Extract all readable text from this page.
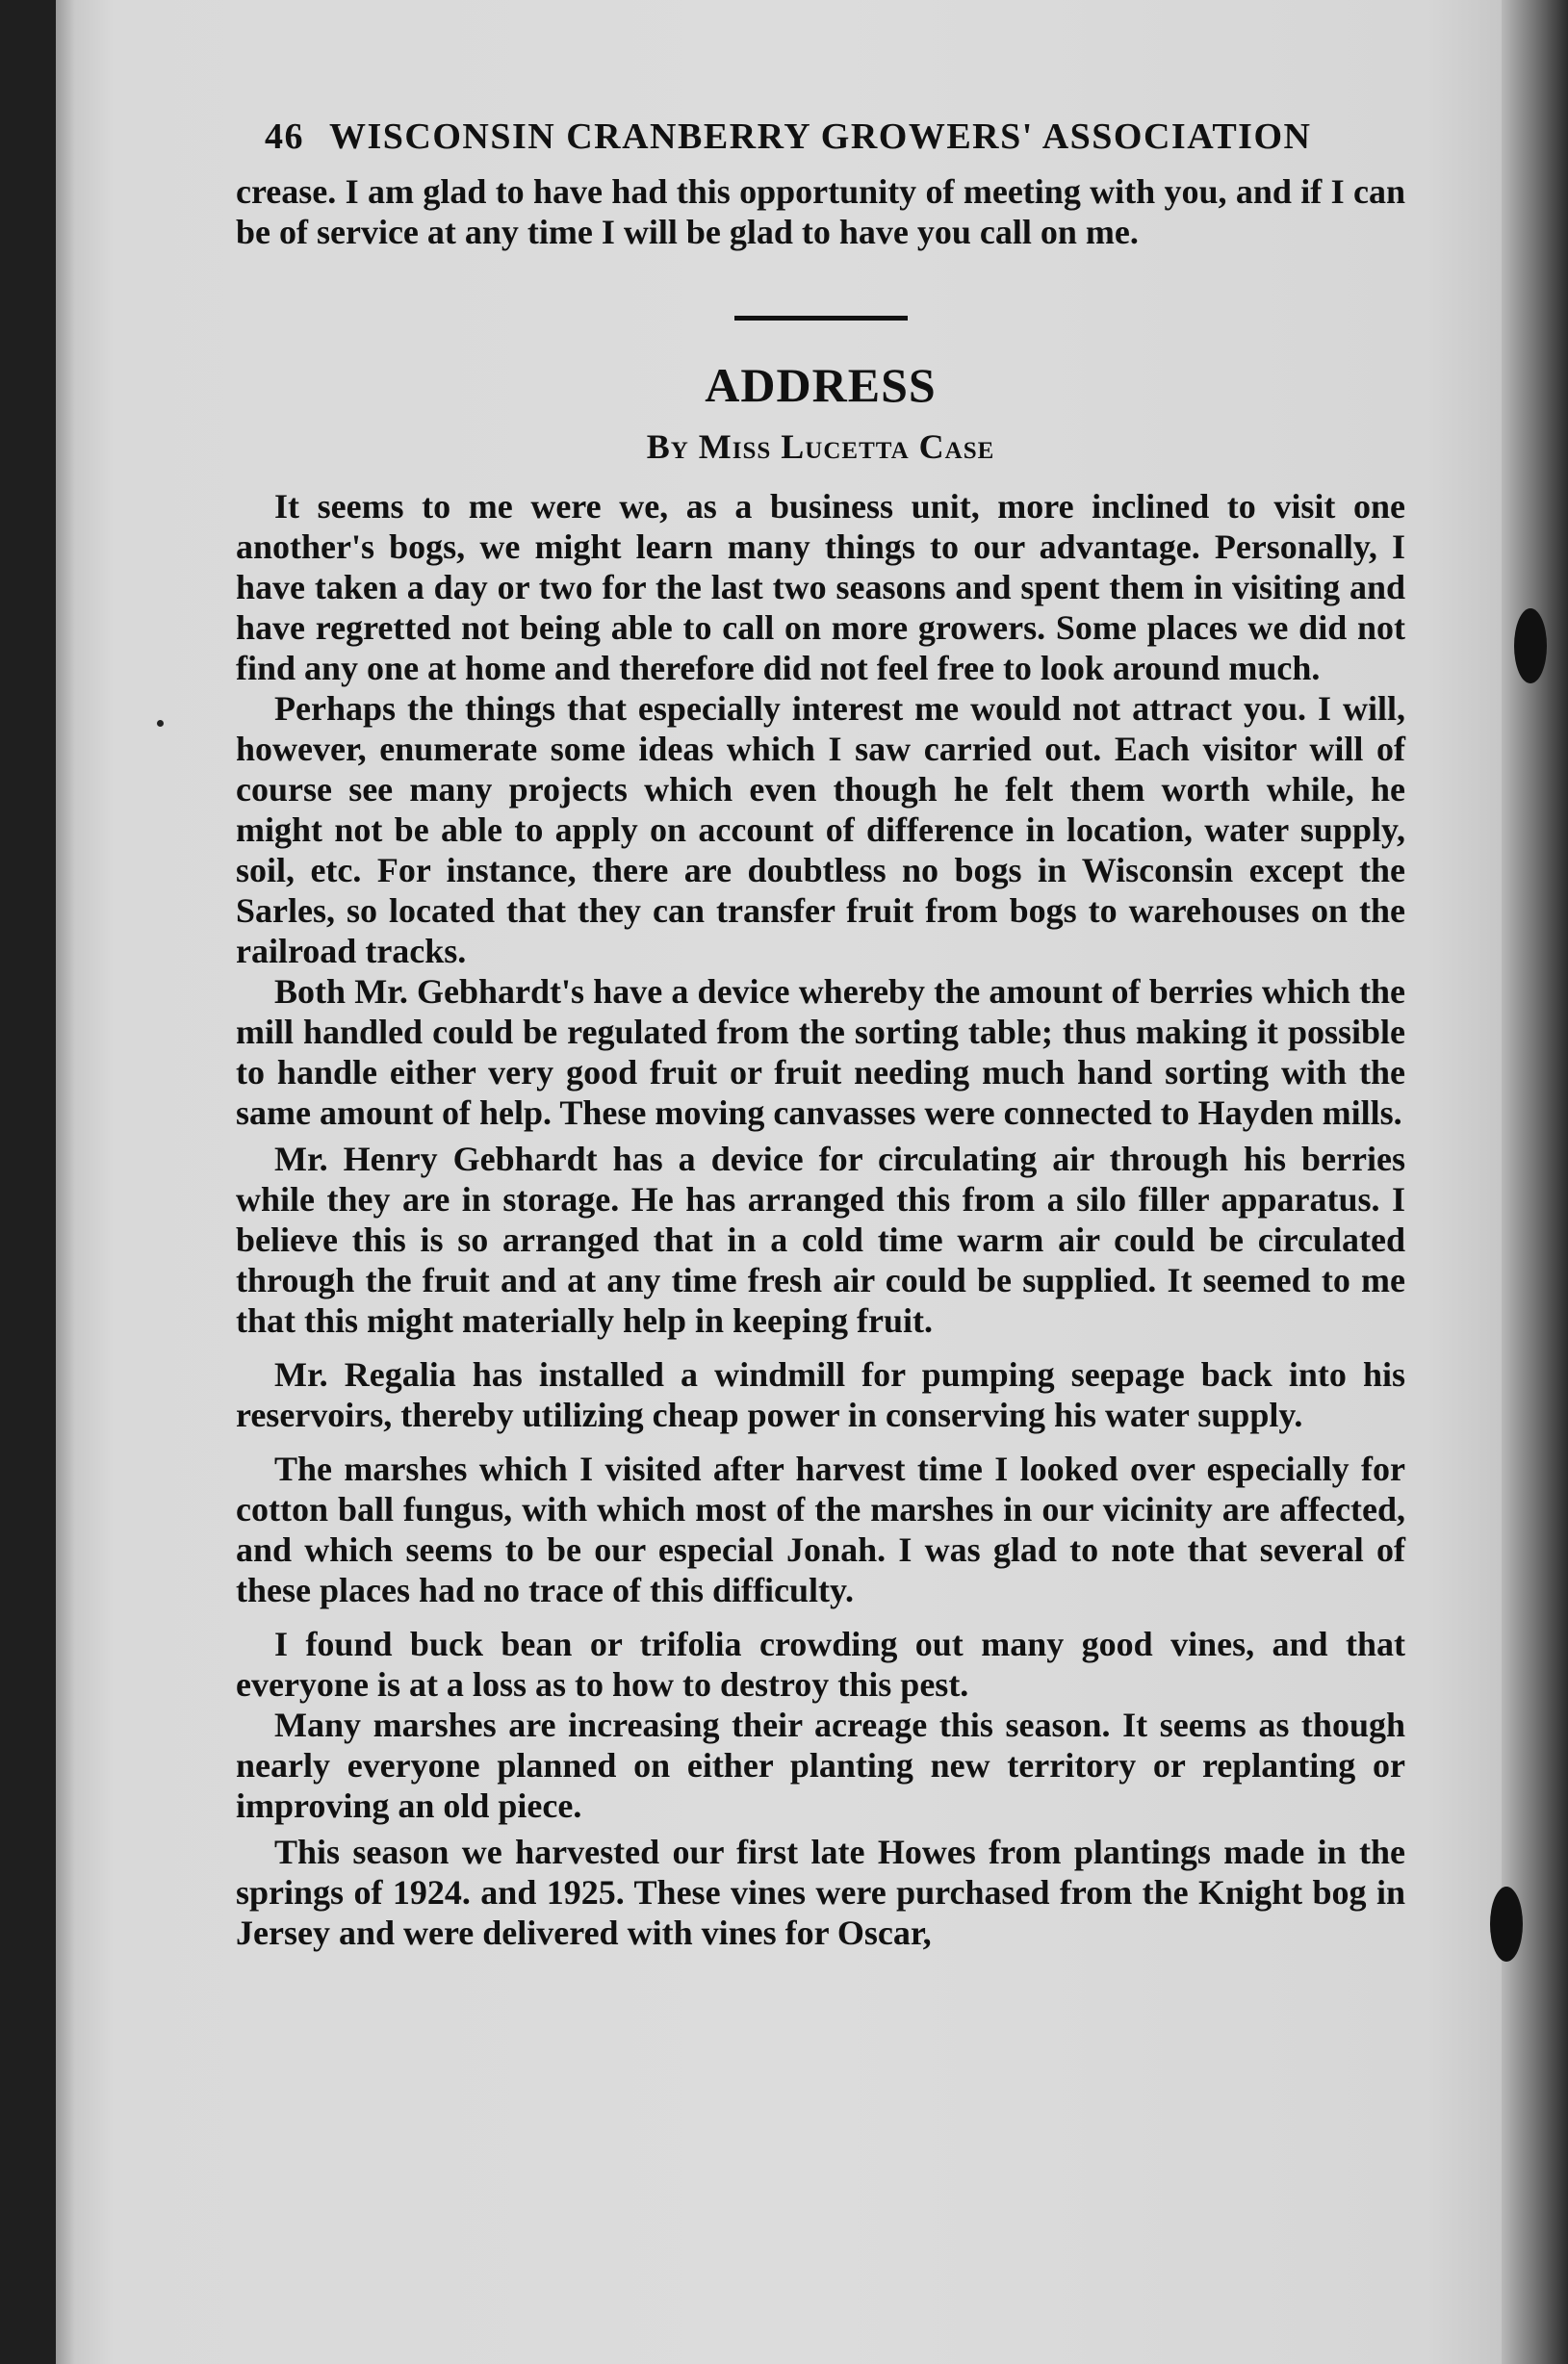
46 WISCONSIN CRANBERRY GROWERS' ASSOCIATION

crease. I am glad to have had this opportunity of meeting with you, and if I can be of service at any time I will be glad to have you call on me.

ADDRESS
By Miss Lucetta Case

It seems to me were we, as a business unit, more inclined to visit one another's bogs, we might learn many things to our advantage. Personally, I have taken a day or two for the last two seasons and spent them in visiting and have regretted not being able to call on more growers. Some places we did not find any one at home and therefore did not feel free to look around much.

Perhaps the things that especially interest me would not attract you. I will, however, enumerate some ideas which I saw carried out. Each visitor will of course see many projects which even though he felt them worth while, he might not be able to apply on account of difference in location, water supply, soil, etc. For instance, there are doubtless no bogs in Wisconsin except the Sarles, so located that they can transfer fruit from bogs to warehouses on the railroad tracks.

Both Mr. Gebhardt's have a device whereby the amount of berries which the mill handled could be regulated from the sorting table; thus making it possible to handle either very good fruit or fruit needing much hand sorting with the same amount of help. These moving canvasses were connected to Hayden mills.

Mr. Henry Gebhardt has a device for circulating air through his berries while they are in storage. He has arranged this from a silo filler apparatus. I believe this is so arranged that in a cold time warm air could be circulated through the fruit and at any time fresh air could be supplied. It seemed to me that this might materially help in keeping fruit.

Mr. Regalia has installed a windmill for pumping seepage back into his reservoirs, thereby utilizing cheap power in conserving his water supply.

The marshes which I visited after harvest time I looked over especially for cotton ball fungus, with which most of the marshes in our vicinity are affected, and which seems to be our especial Jonah. I was glad to note that several of these places had no trace of this difficulty.

I found buck bean or trifolia crowding out many good vines, and that everyone is at a loss as to how to destroy this pest.

Many marshes are increasing their acreage this season. It seems as though nearly everyone planned on either planting new territory or replanting or improving an old piece.

This season we harvested our first late Howes from plantings made in the springs of 1924. and 1925. These vines were purchased from the Knight bog in Jersey and were delivered with vines for Oscar,
